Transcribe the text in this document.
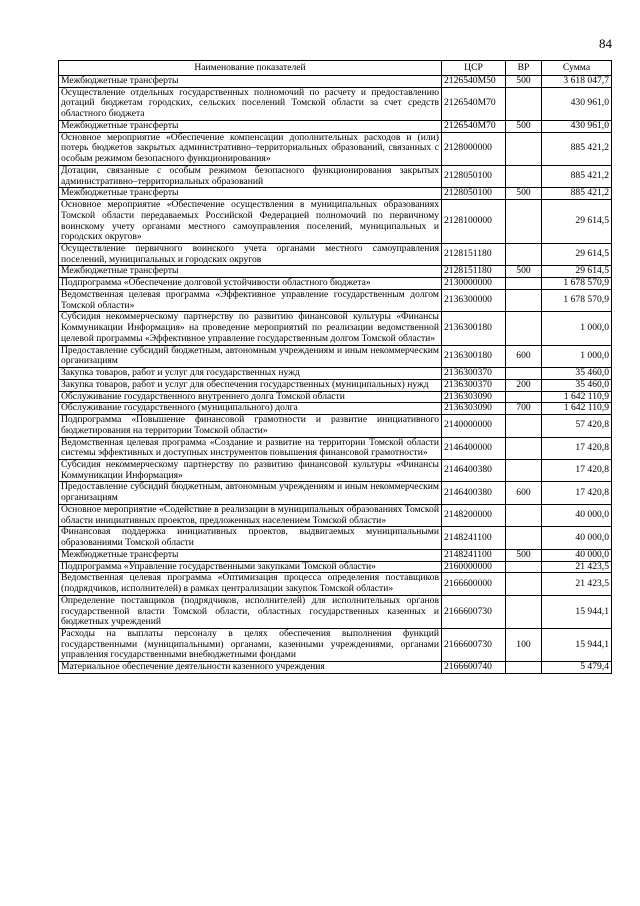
84
Наименование показателей	ЦСР	ВР	Сумма
Межбюджетные трансферты	2126540М50	500	3 618 047,7
Осуществление отдельных государственных полномочий по расчету и предоставлению дотаций бюджетам городских, сельских поселений Томской области за счет средств областного бюджета	2126540М70		430 961,0
Межбюджетные трансферты	2126540М70	500	430 961,0
Основное мероприятие «Обеспечение компенсации дополнительных расходов и (или) потерь бюджетов закрытых административно–территориальных образований, связанных с особым режимом безопасного функционирования»	2128000000		885 421,2
Дотации, связанные с особым режимом безопасного функционирования закрытых административно–территориальных образований	2128050100		885 421,2
Межбюджетные трансферты	2128050100	500	885 421,2
Основное мероприятие «Обеспечение осуществления в муниципальных образованиях Томской области передаваемых Российской Федерацией полномочий по первичному воинскому учету органами местного самоуправления поселений, муниципальных и городских округов»	2128100000		29 614,5
Осуществление первичного воинского учета органами местного самоуправления поселений, муниципальных и городских округов	2128151180		29 614,5
Межбюджетные трансферты	2128151180	500	29 614,5
Подпрограмма «Обеспечение долговой устойчивости областного бюджета»	2130000000		1 678 570,9
Ведомственная целевая программа «Эффективное управление государственным долгом Томской области»	2136300000		1 678 570,9
Субсидия некоммерческому партнерству по развитию финансовой культуры «Финансы Коммуникации Информация» на проведение мероприятий по реализации ведомственной целевой программы «Эффективное управление государственным долгом Томской области»	2136300180		1 000,0
Предоставление субсидий бюджетным, автономным учреждениям и иным некоммерческим организациям	2136300180	600	1 000,0
Закупка товаров, работ и услуг для государственных нужд	2136300370		35 460,0
Закупка товаров, работ и услуг для обеспечения государственных (муниципальных) нужд	2136300370	200	35 460,0
Обслуживание государственного внутреннего долга Томской области	2136303090		1 642 110,9
Обслуживание государственного (муниципального) долга	2136303090	700	1 642 110,9
Подпрограмма «Повышение финансовой грамотности и развитие инициативного бюджетирования на территории Томской области»	2140000000		57 420,8
Ведомственная целевая программа «Создание и развитие на территории Томской области системы эффективных и доступных инструментов повышения финансовой грамотности»	2146400000		17 420,8
Субсидия некоммерческому партнерству по развитию финансовой культуры «Финансы Коммуникации Информация»	2146400380		17 420,8
Предоставление субсидий бюджетным, автономным учреждениям и иным некоммерческим организациям	2146400380	600	17 420,8
Основное мероприятие «Содействие в реализации в муниципальных образованиях Томской области инициативных проектов, предложенных населением Томской области»	2148200000		40 000,0
Финансовая поддержка инициативных проектов, выдвигаемых муниципальными образованиями Томской области	2148241100		40 000,0
Межбюджетные трансферты	2148241100	500	40 000,0
Подпрограмма «Управление государственными закупками Томской области»	2160000000		21 423,5
Ведомственная целевая программа «Оптимизация процесса определения поставщиков (подрядчиков, исполнителей) в рамках централизации закупок Томской области»	2166600000		21 423,5
Определение поставщиков (подрядчиков, исполнителей) для исполнительных органов государственной власти Томской области, областных государственных казенных и бюджетных учреждений	2166600730		15 944,1
Расходы на выплаты персоналу в целях обеспечения выполнения функций государственными (муниципальными) органами, казенными учреждениями, органами управления государственными внебюджетными фондами	2166600730	100	15 944,1
Материальное обеспечение деятельности казенного учреждения	2166600740		5 479,4
